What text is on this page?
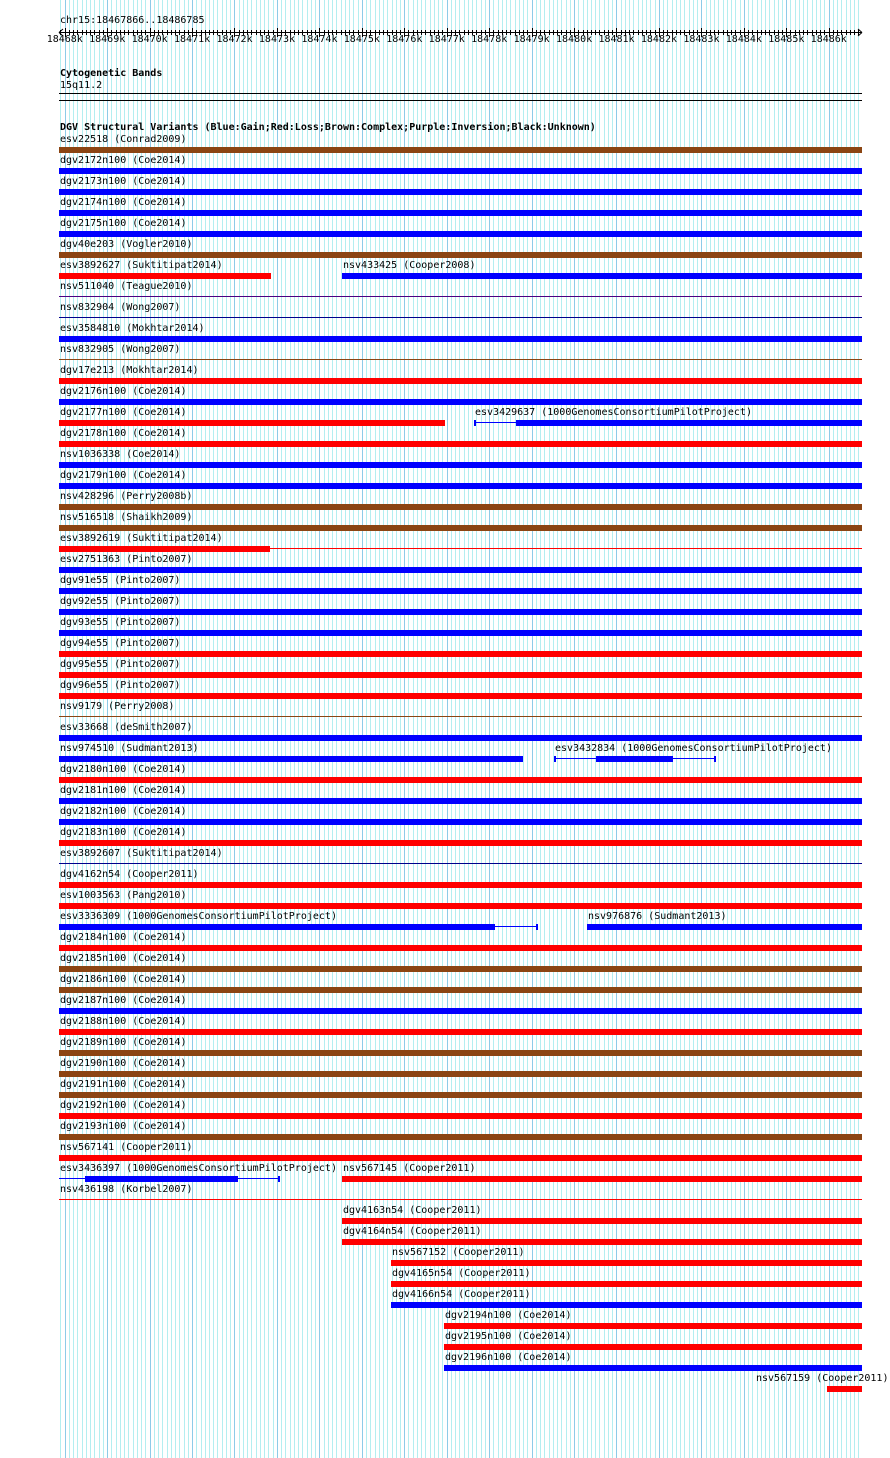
chr15:18467866..18486785
18468k 18469k 18470k 18471k 18472k 18473k 18474k 18475k 18476k 18477k 18478k 18479k 18480k 18481k 18482k 18483k 18484k 18485k 18486k
Cytogenetic Bands
15q11.2
DGV Structural Variants (Blue:Gain;Red:Loss;Brown:Complex;Purple:Inversion;Black:Unknown)
esv22518 (Conrad2009)
dgv2172n100 (Coe2014)
dgv2173n100 (Coe2014)
dgv2174n100 (Coe2014)
dgv2175n100 (Coe2014)
dgv40e203 (Vogler2010)
esv3892627 (Suktitipat2014)	nsv433425 (Cooper2008)
nsv511040 (Teague2010)
nsv832904 (Wong2007)
esv3584810 (Mokhtar2014)
nsv832905 (Wong2007)
dgv17e213 (Mokhtar2014)
dgv2176n100 (Coe2014)
dgv2177n100 (Coe2014)	esv3429637 (1000GenomesConsortiumPilotProject)
dgv2178n100 (Coe2014)
nsv1036338 (Coe2014)
dgv2179n100 (Coe2014)
nsv428296 (Perry2008b)
nsv516518 (Shaikh2009)
esv3892619 (Suktitipat2014)
esv2751363 (Pinto2007)
dgv91e55 (Pinto2007)
dgv92e55 (Pinto2007)
dgv93e55 (Pinto2007)
dgv94e55 (Pinto2007)
dgv95e55 (Pinto2007)
dgv96e55 (Pinto2007)
nsv9179 (Perry2008)
esv33668 (deSmith2007)
nsv974510 (Sudmant2013)	esv3432834 (1000GenomesConsortiumPilotProject)
dgv2180n100 (Coe2014)
dgv2181n100 (Coe2014)
dgv2182n100 (Coe2014)
dgv2183n100 (Coe2014)
esv3892607 (Suktitipat2014)
dgv4162n54 (Cooper2011)
esv1003563 (Pang2010)
esv3336309 (1000GenomesConsortiumPilotProject)	nsv976876 (Sudmant2013)
dgv2184n100 (Coe2014)
dgv2185n100 (Coe2014)
dgv2186n100 (Coe2014)
dgv2187n100 (Coe2014)
dgv2188n100 (Coe2014)
dgv2189n100 (Coe2014)
dgv2190n100 (Coe2014)
dgv2191n100 (Coe2014)
dgv2192n100 (Coe2014)
dgv2193n100 (Coe2014)
nsv567141 (Cooper2011)
esv3436397 (1000GenomesConsortiumPilotProject) nsv567145 (Cooper2011)
nsv436198 (Korbel2007)
dgv4163n54 (Cooper2011)
dgv4164n54 (Cooper2011)
nsv567152 (Cooper2011)
dgv4165n54 (Cooper2011)
dgv4166n54 (Cooper2011)
dgv2194n100 (Coe2014)
dgv2195n100 (Coe2014)
dgv2196n100 (Coe2014)
nsv567159 (Cooper2011)
